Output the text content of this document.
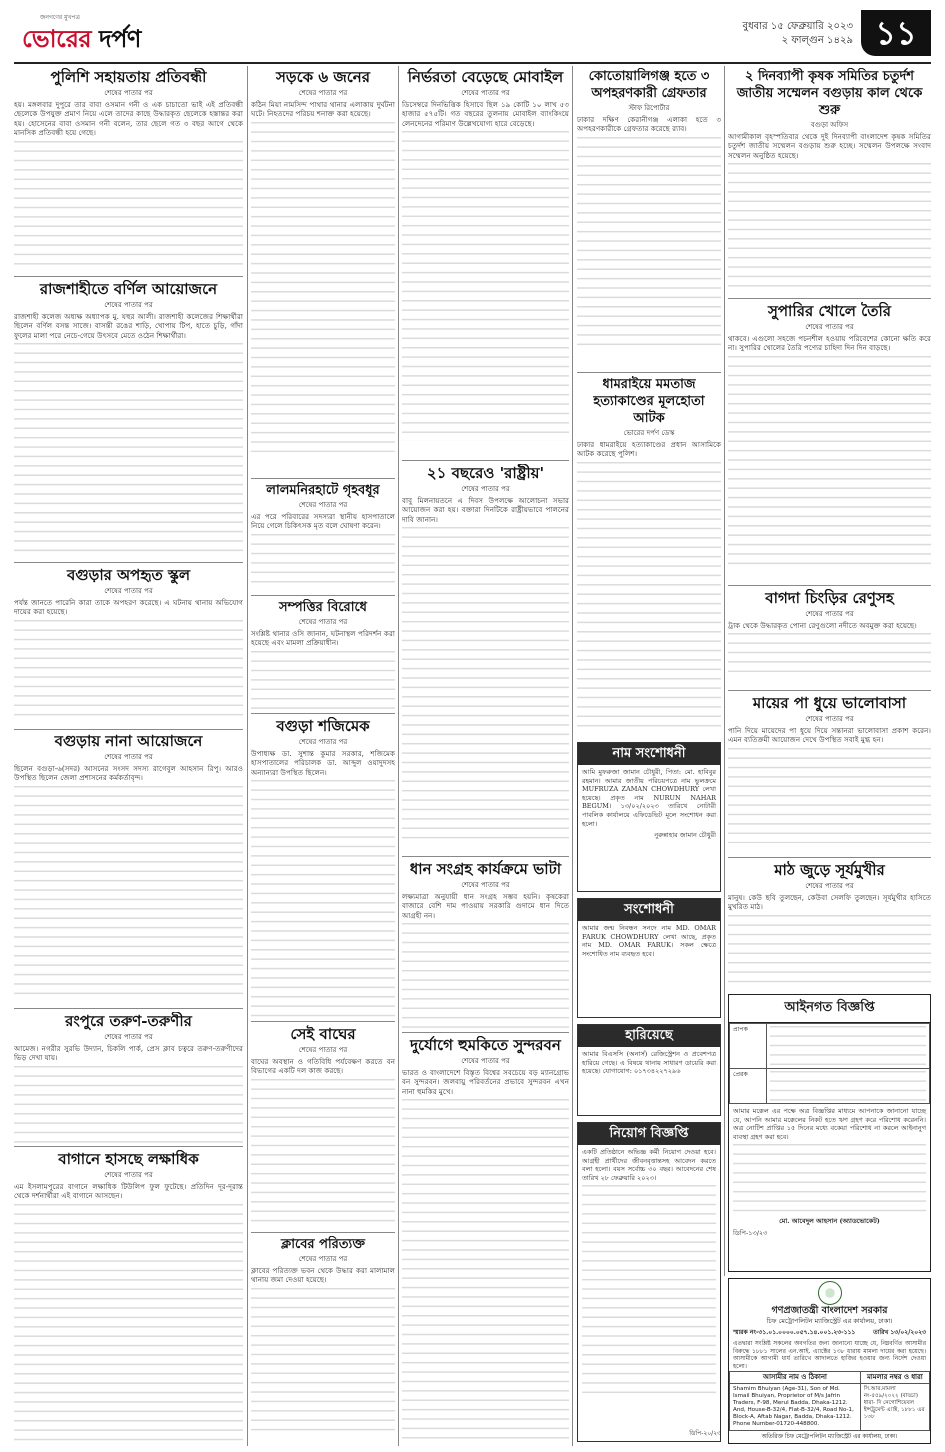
জনগণের মুখপত্র
ভোরের দর্পণ	বুধবার ১৫ ফেব্রুয়ারি ২০২৩
২ ফাল্গুন ১৪২৯ ১১
পুলিশি সহায়তায় প্রতিবন্ধী
শেষের পাতার পর

হয়। মঙ্গলবার দুপুরে তার বাবা ওসমান গনী ও এক চাচাতো ভাই এই প্রতিবন্ধী ছেলেকে উপযুক্ত প্রমাণ নিয়ে এলে তাদের কাছে উদ্ধারকৃত ছেলেকে হস্তান্তর করা হয়। হোসেনের বাবা ওসমান গনী বলেন, তার ছেলে গত ৩ বছর আগে থেকে মানসিক প্রতিবন্ধী হয়ে গেছে।

রাজশাহীতে বর্ণিল আয়োজনে
শেষের পাতার পর

রাজশাহী কলেজ অধ্যক্ষ অধ্যাপক মু. যহুর আলী। রাজশাহী কলেজের শিক্ষার্থীরা ছিলেন বর্ণিল বসন্ত সাজে। বাসন্তী রঙের শাড়ি, খোপায় টিপ, হাতে চুড়ি, গাঁদা ফুলের মালা পরে নেচে-গেয়ে উৎসবে মেতে ওঠেন শিক্ষার্থীরা।

বগুড়ার অপহৃত স্কুল
শেষের পাতার পর

পর্যন্ত জানতে পারেনি কারা তাকে অপহরণ করেছে। এ ঘটনায় থানায় অভিযোগ দায়ের করা হয়েছে।

বগুড়ায় নানা আয়োজনে
শেষের পাতার পর

ছিলেন বগুড়া-৬(সদর) আসনের সংসদ সদস্য রাগেবুল আহসান রিপু। আরও উপস্থিত ছিলেন জেলা প্রশাসনের কর্মকর্তাবৃন্দ।

রংপুরে তরুণ-তরুণীর
শেষের পাতার পর

আমেজ। নগরীর সুরভি উদ্যান, চিকলি পার্ক, প্রেস ক্লাব চত্বরে তরুণ-তরুণীদের ভিড় দেখা যায়।

বাগানে হাসছে লক্ষাধিক
শেষের পাতার পর

এম ইসলামপুরের বাগানে লক্ষাধিক টিউলিপ ফুল ফুটেছে। প্রতিদিন দূর-দূরান্ত থেকে দর্শনার্থীরা এই বাগানে আসছেন।

সড়কে ৬ জনের
শেষের পাতার পর

কঠিন মিয়া নামসিন্দ পাথার থানার এলাকায় দুর্ঘটনা ঘটে। নিহতদের পরিচয় শনাক্ত করা হয়েছে।

লালমনিরহাটে গৃহবধূর
শেষের পাতার পর

এর পরে পরিবারের সদস্যরা স্থানীয় হাসপাতালে নিয়ে গেলে চিকিৎসক মৃত বলে ঘোষণা করেন।

সম্পত্তির বিরোধে
শেষের পাতার পর

সংশ্লিষ্ট থানার ওসি জানান, ঘটনাস্থল পরিদর্শন করা হয়েছে এবং মামলা প্রক্রিয়াধীন।

বগুড়া শজিমেক
শেষের পাতার পর

উপাধ্যক্ষ ডা. সুশান্ত কুমার সরকার, শজিমেক হাসপাতালের পরিচালক ডা. আব্দুল ওয়াদুদসহ অন্যান্যরা উপস্থিত ছিলেন।

সেই বাঘের
শেষের পাতার পর

বাঘের অবস্থান ও গতিবিধি পর্যবেক্ষণ করতে বন বিভাগের একটি দল কাজ করছে।

ক্লাবের পরিত্যক্ত
শেষের পাতার পর

ক্লাবের পরিত্যক্ত ভবন থেকে উদ্ধার করা মালামাল থানায় জমা দেওয়া হয়েছে।

নির্ভরতা বেড়েছে মোবাইল
শেষের পাতার পর

ডিসেম্বরে দিনভিত্তিক হিসাবে ছিল ১৯ কোটি ১০ লাখ ৫৩ হাজার ৫৭৫টি। গত বছরের তুলনায় মোবাইল ব্যাংকিংয়ে লেনদেনের পরিমাণ উল্লেখযোগ্য হারে বেড়েছে।

২১ বছরেও 'রাষ্ট্রীয়'
শেষের পাতার পর

বাবু মিলনায়তনে এ দিবস উপলক্ষে আলোচনা সভার আয়োজন করা হয়। বক্তারা দিনটিকে রাষ্ট্রীয়ভাবে পালনের দাবি জানান।

ধান সংগ্রহ কার্যক্রমে ভাটা
শেষের পাতার পর

লক্ষ্যমাত্রা অনুযায়ী ধান সংগ্রহ সম্ভব হয়নি। কৃষকেরা বাজারে বেশি দাম পাওয়ায় সরকারি গুদামে ধান দিতে আগ্রহী নন।

দুর্যোগে হুমকিতে সুন্দরবন
শেষের পাতার পর

ভারত ও বাংলাদেশে বিস্তৃত বিশ্বের সবচেয়ে বড় ম্যানগ্রোভ বন সুন্দরবন। জলবায়ু পরিবর্তনের প্রভাবে সুন্দরবন এখন নানা হুমকির মুখে।

কোতোয়ালিগঞ্জ হতে ৩ অপহরণকারী গ্রেফতার
স্টাফ রিপোর্টার

ঢাকার দক্ষিণ কেরানীগঞ্জ এলাকা হতে ৩ অপহরণকারীকে গ্রেফতার করেছে র‌্যাব।

ধামরাইয়ে মমতাজ হত্যাকাণ্ডের মূলহোতা আটক
ভোরের দর্পণ ডেস্ক

ঢাকার ধামরাইয়ে হত্যাকাণ্ডের প্রধান আসামিকে আটক করেছে পুলিশ।

নাম সংশোধনী
আমি মুফরুজা জামান চৌধুরী, পিতা: মো. হাবিবুর রহমান। আমার জাতীয় পরিচয়পত্রে নাম ভুলক্রমে MUFRUZA ZAMAN CHOWDHURY লেখা হয়েছে। প্রকৃত নাম NURUN NAHAR BEGUM। ১৩/০২/২০২৩ তারিখে নোটারী পাবলিক কার্যালয়ে এফিডেভিট মূলে সংশোধন করা হলো।
নুরুন্নাহার জামান চৌধুরী
সংশোধনী
আমার জন্ম নিবন্ধন সনদে নাম MD. OMAR FARUK CHOWDHURY লেখা আছে, প্রকৃত নাম MD. OMAR FARUK। সকল ক্ষেত্রে সংশোধিত নাম ব্যবহৃত হবে।
হারিয়েছে
আমার বিএসসি (অনার্স) রেজিস্ট্রেশন ও প্রবেশপত্র হারিয়ে গেছে। এ বিষয়ে থানায় সাধারণ ডায়েরি করা হয়েছে। যোগাযোগ: ০১৭৩৪২২৭২৯৬
নিয়োগ বিজ্ঞপ্তি
একটি প্রতিষ্ঠানে অভিজ্ঞ কর্মী নিয়োগ দেওয়া হবে। আগ্রহী প্রার্থীদের জীবনবৃত্তান্তসহ আবেদন করতে বলা হলো। বয়স সর্বোচ্চ ৩০ বছর। আবেদনের শেষ তারিখ ২৮ ফেব্রুয়ারি ২০২৩।
২ দিনব্যাপী কৃষক সমিতির চতুর্দশ জাতীয় সম্মেলন বগুড়ায় কাল থেকে শুরু
বগুড়া অফিস

আগামীকাল বৃহস্পতিবার থেকে দুই দিনব্যাপী বাংলাদেশ কৃষক সমিতির চতুর্দশ জাতীয় সম্মেলন বগুড়ায় শুরু হচ্ছে। সম্মেলন উপলক্ষে সংবাদ সম্মেলন অনুষ্ঠিত হয়েছে।

সুপারির খোলে তৈরি
শেষের পাতার পর

থাকবে। এগুলো সহজে পচনশীল হওয়ায় পরিবেশের কোনো ক্ষতি করে না। সুপারির খোলের তৈরি পণ্যের চাহিদা দিন দিন বাড়ছে।

বাগদা চিংড়ির রেণুসহ
শেষের পাতার পর

ট্রাক থেকে উদ্ধারকৃত পোনা রেণুগুলো নদীতে অবমুক্ত করা হয়েছে।

মায়ের পা ধুয়ে ভালোবাসা
শেষের পাতার পর

পানি দিয়ে মায়েদের পা ধুয়ে দিয়ে সন্তানরা ভালোবাসা প্রকাশ করেন। এমন ব্যতিক্রমী আয়োজন দেখে উপস্থিত সবাই মুগ্ধ হন।

মাঠ জুড়ে সূর্যমুখীর
শেষের পাতার পর

মানুষ। কেউ ছবি তুলছেন, কেউবা সেলফি তুলছেন। সূর্যমুখীর হাসিতে মুখরিত মাঠ।

আইনগত বিজ্ঞপ্তি
প্রাপক	

প্রেরক	
আমার মক্কেল এর পক্ষে অত্র বিজ্ঞপ্তির মাধ্যমে আপনাকে জানানো যাচ্ছে যে, আপনি আমার মক্কেলের নিকট হতে ঋণ গ্রহণ করে পরিশোধ করেননি। অত্র নোটিশ প্রাপ্তির ১৫ দিনের মধ্যে বকেয়া পরিশোধ না করলে আইনানুগ ব্যবস্থা গ্রহণ করা হবে।
মো. আবেদুল আহসান (অ্যাডভোকেট)
ডিপি-১৩/২৩
গণপ্রজাতন্ত্রী বাংলাদেশ সরকার
চিফ মেট্রোপলিটন ম্যাজিস্ট্রেট এর কার্যালয়, ঢাকা।
স্মারক নং-৩১.০১.০০০০.০৫৭.১৪.০০১.২৩-১১১	তারিখ ১৩/০২/২০২৩
এতদ্বারা সংশ্লিষ্ট সকলের অবগতির জন্য জানানো যাচ্ছে যে, নিম্নবর্ণিত আসামীর বিরুদ্ধে ১৮৮১ সালের এন.আই. এ্যাক্টের ১৩৮ ধারায় মামলা দায়ের করা হয়েছে। আসামীকে আগামী ধার্য তারিখে আদালতে হাজির হওয়ার জন্য নির্দেশ দেওয়া হলো।
আসামীর নাম ও ঠিকানা	মামলার নম্বর ও ধারা
Shamim Bhuiyan (Age-31), Son of Md. Ismail Bhuiyan, Proprietor of M/s Jafrin Traders, F-98, Merul Badda, Dhaka-1212. And, House-B-32/4, Flat-B-32/4, Road No-1, Block-A, Aftab Nagar, Badda, Dhaka-1212. Phone Number-01720-448800.	সি.আর.মামলা নং-৫৫৯/২০২২ (বাড্ডা) ধারা- দি নেগোশিয়েবল ইন্সট্রুমেন্ট এ্যাক্ট, ১৮৮১ এর ১৩৮
অতিরিক্ত চিফ মেট্রোপলিটন ম্যাজিস্ট্রেট এর কার্যালয়, ঢাকা।
ডিপি-২০/২৩
